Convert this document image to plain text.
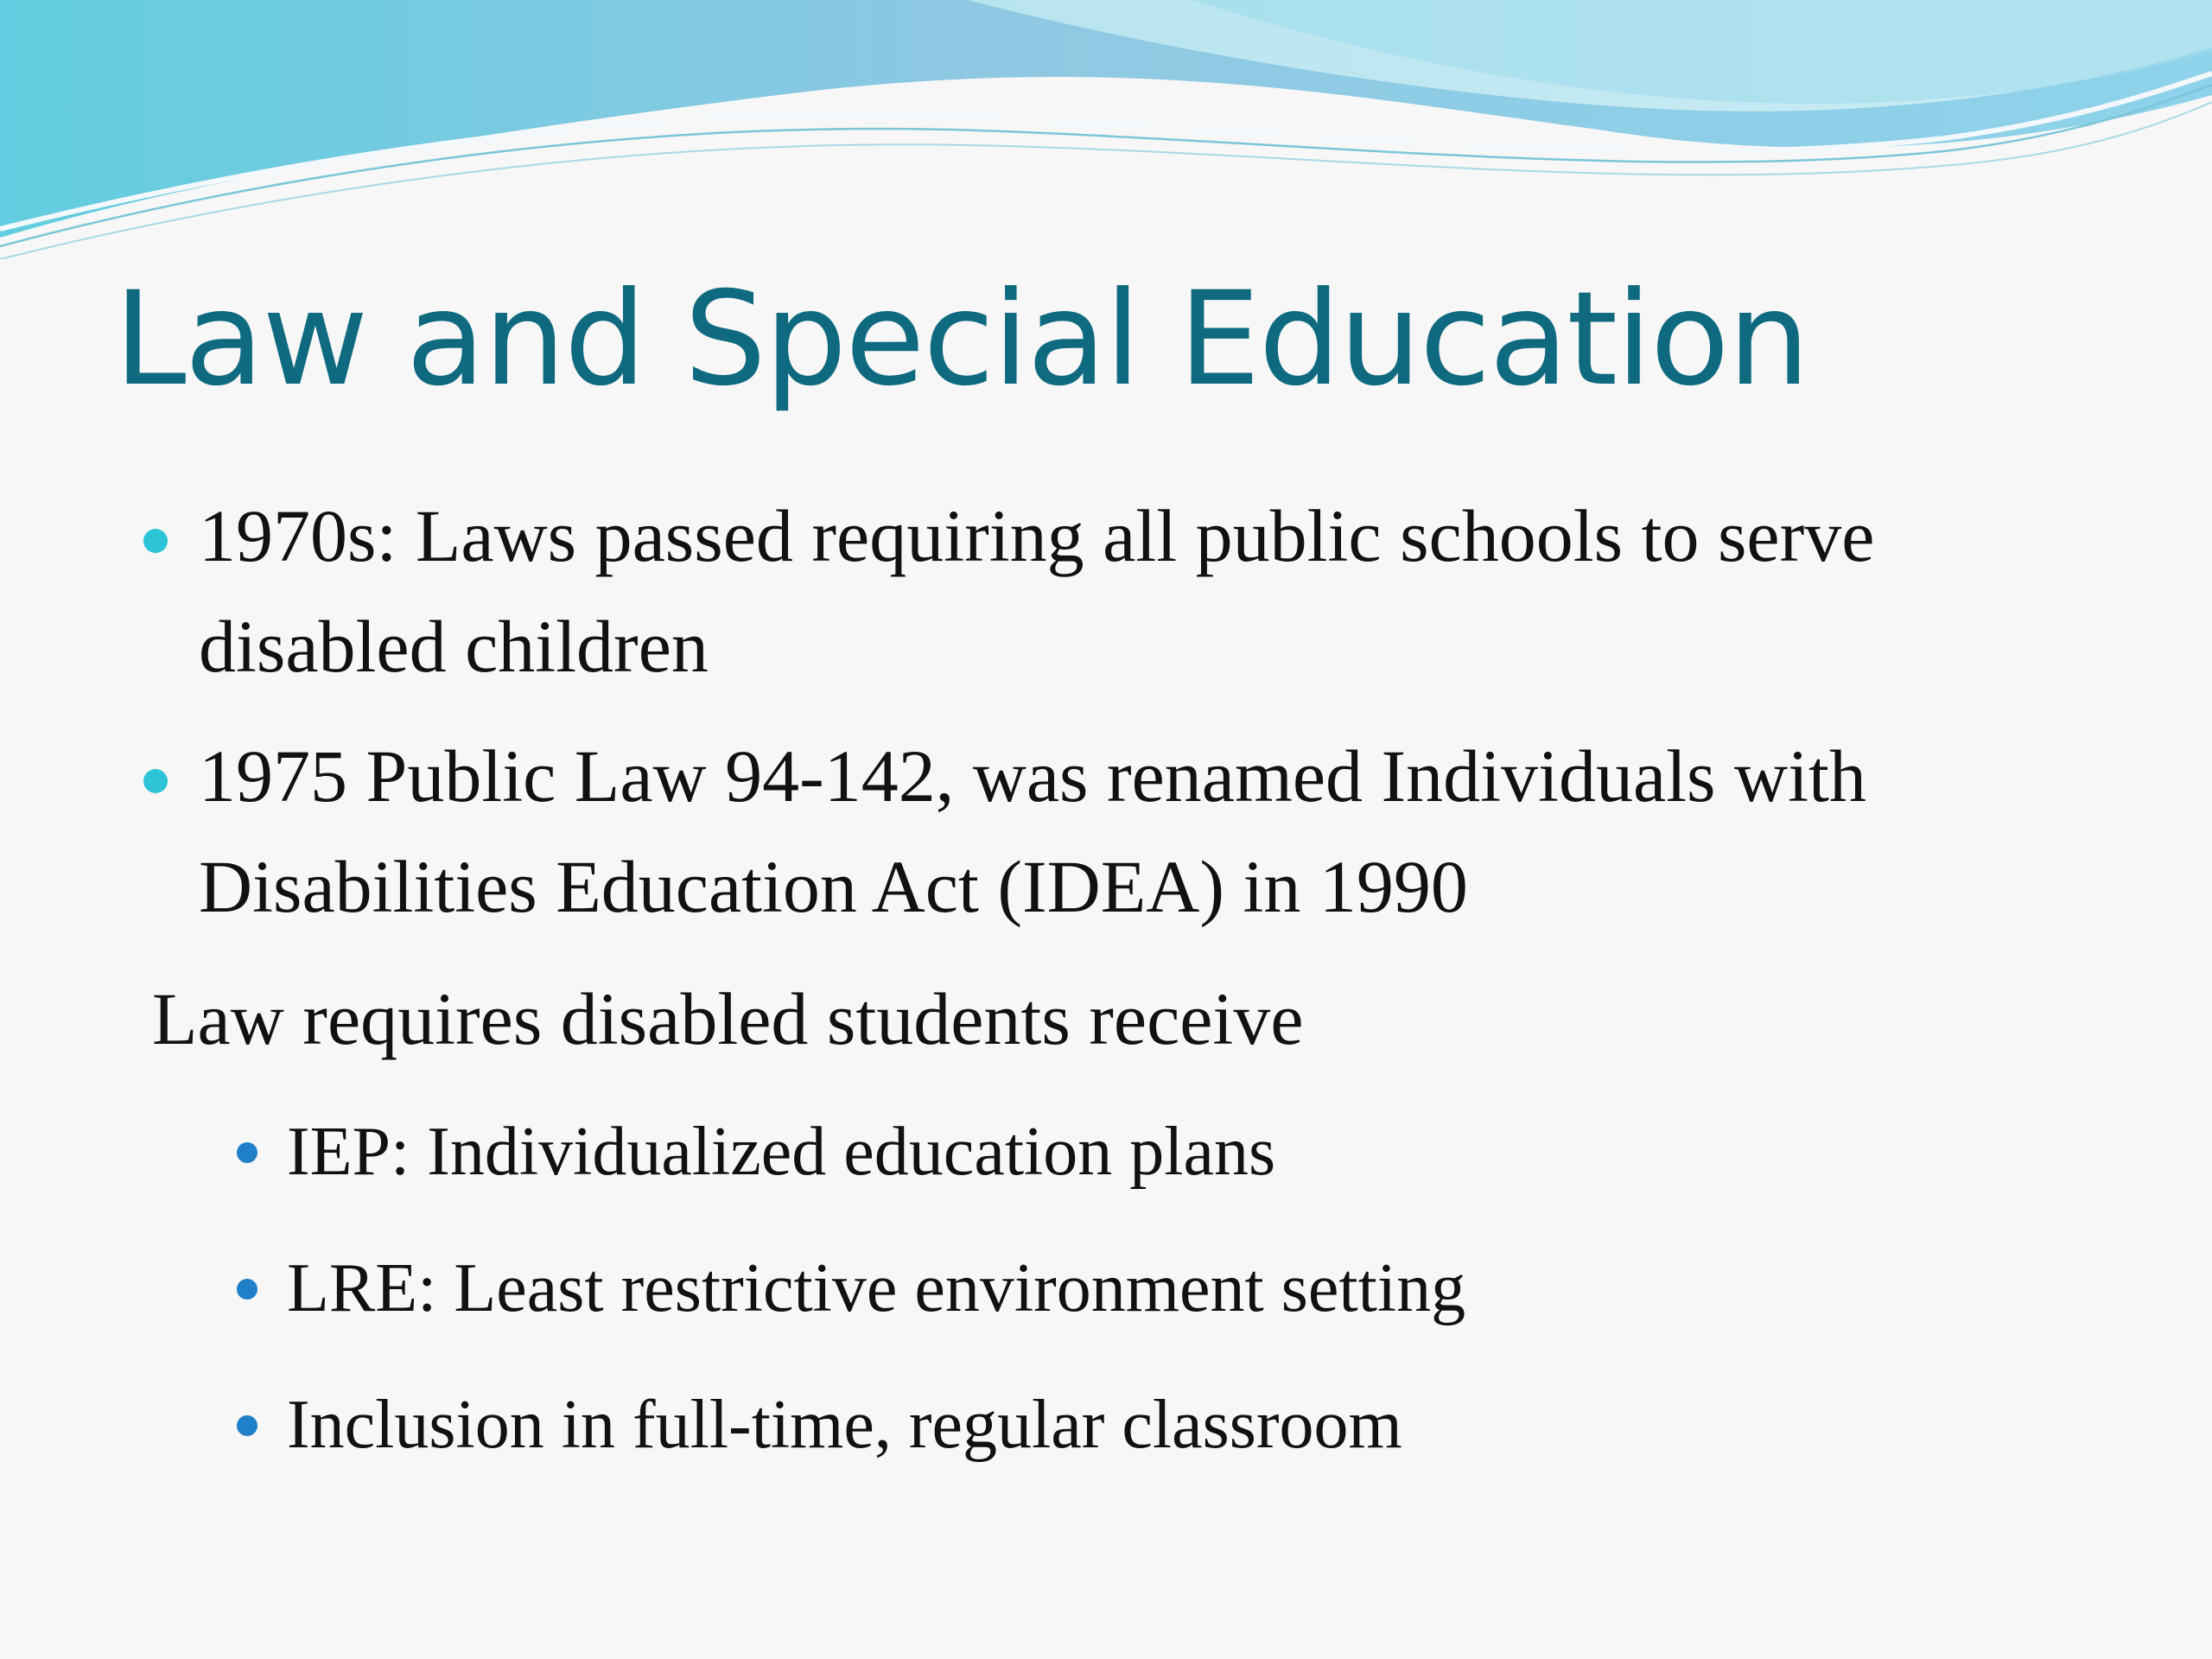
Law and Special Education
1970s: Laws passed requiring all public schools to serve disabled children
1975 Public Law 94-142, was renamed Individuals with Disabilities Education Act (IDEA) in 1990
Law requires disabled students receive
IEP: Individualized education plans
LRE: Least restrictive environment setting
Inclusion in full-time, regular classroom
